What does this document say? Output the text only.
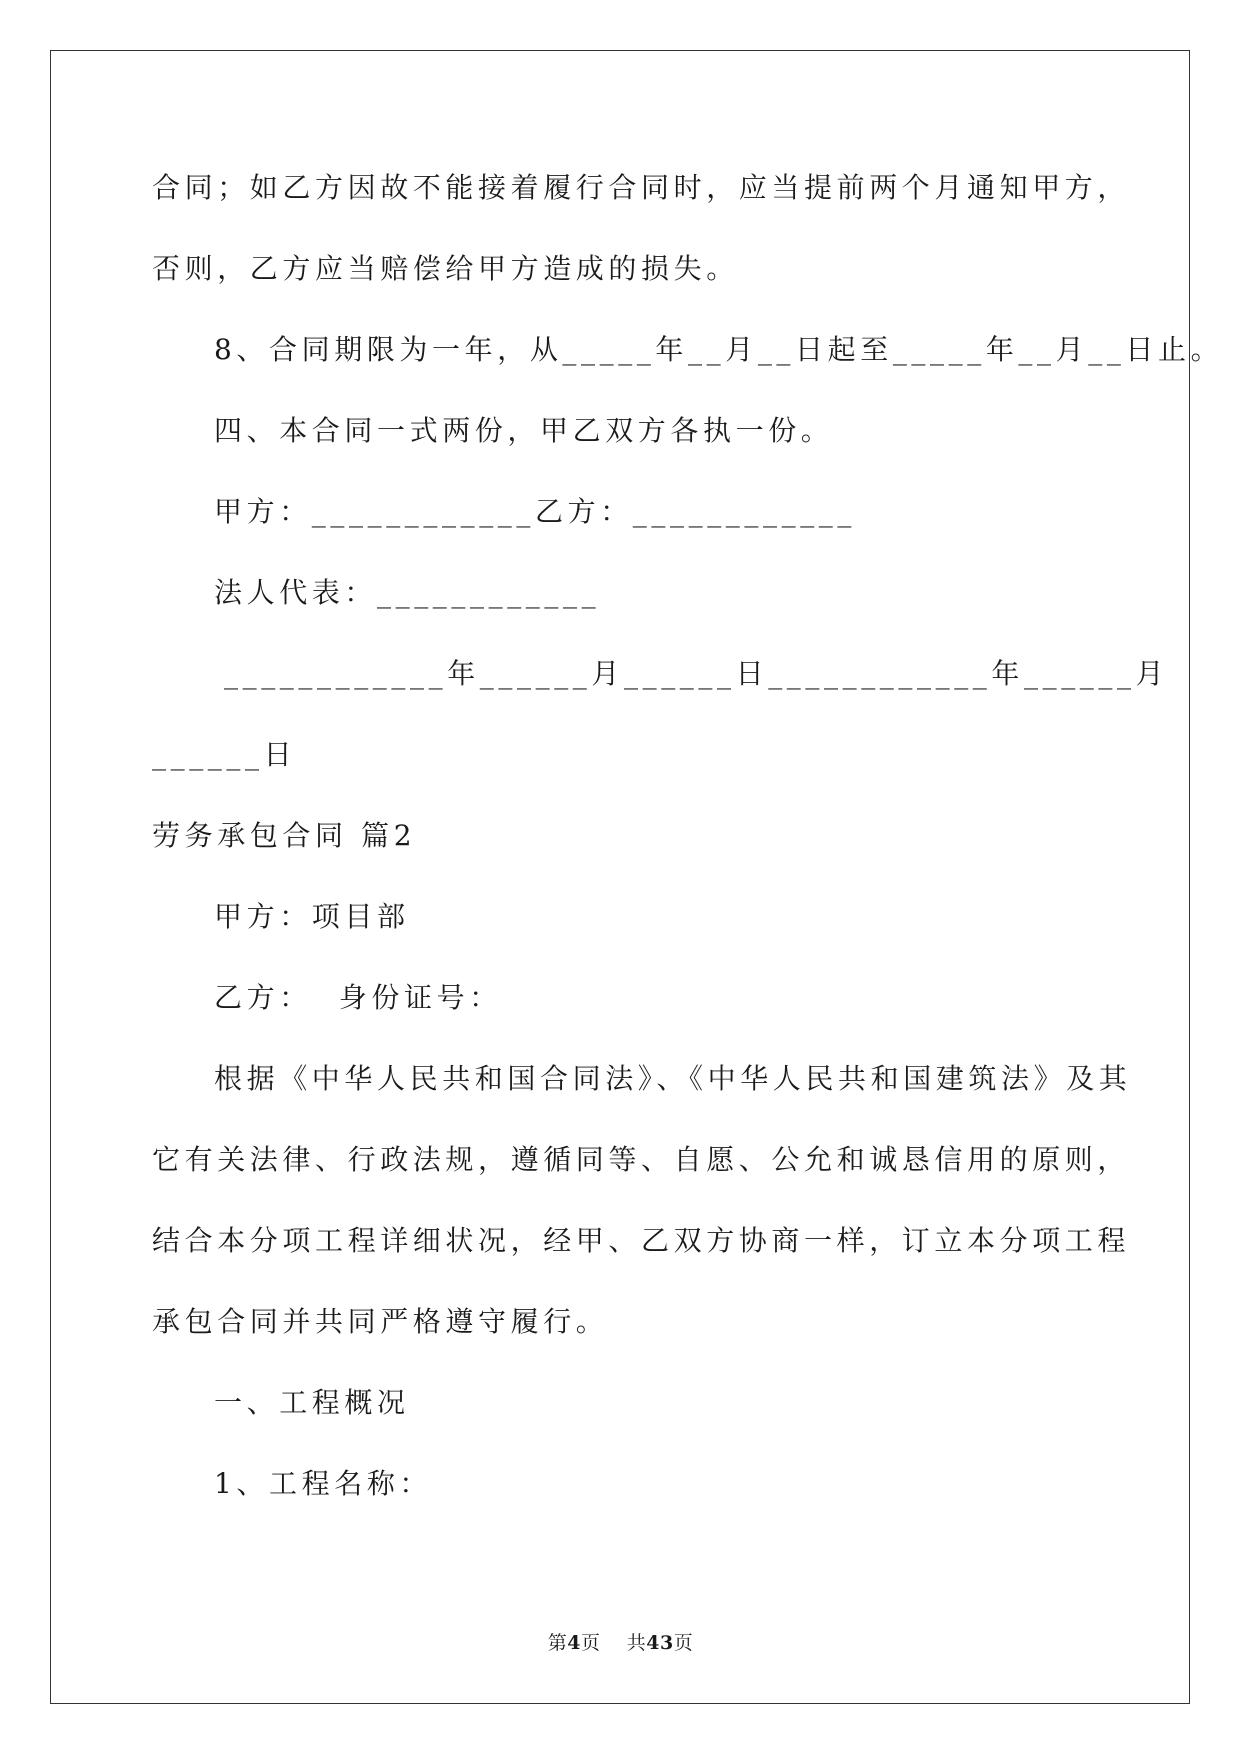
合同；如乙方因故不能接着履行合同时，应当提前两个月通知甲方，
否则，乙方应当赔偿给甲方造成的损失。
8、合同期限为一年，从_____年__月__日起至_____年__月__日止。
四、本合同一式两份，甲乙双方各执一份。
甲方：____________乙方：____________
法人代表：____________
____________年______月______日____________年______月
______日
劳务承包合同 篇2
甲方：项目部
乙方：  身份证号：
根据《中华人民共和国合同法》、《中华人民共和国建筑法》及其
它有关法律、行政法规，遵循同等、自愿、公允和诚恳信用的原则，
结合本分项工程详细状况，经甲、乙双方协商一样，订立本分项工程
承包合同并共同严格遵守履行。
一、工程概况
1、工程名称：
第4页 共43页
